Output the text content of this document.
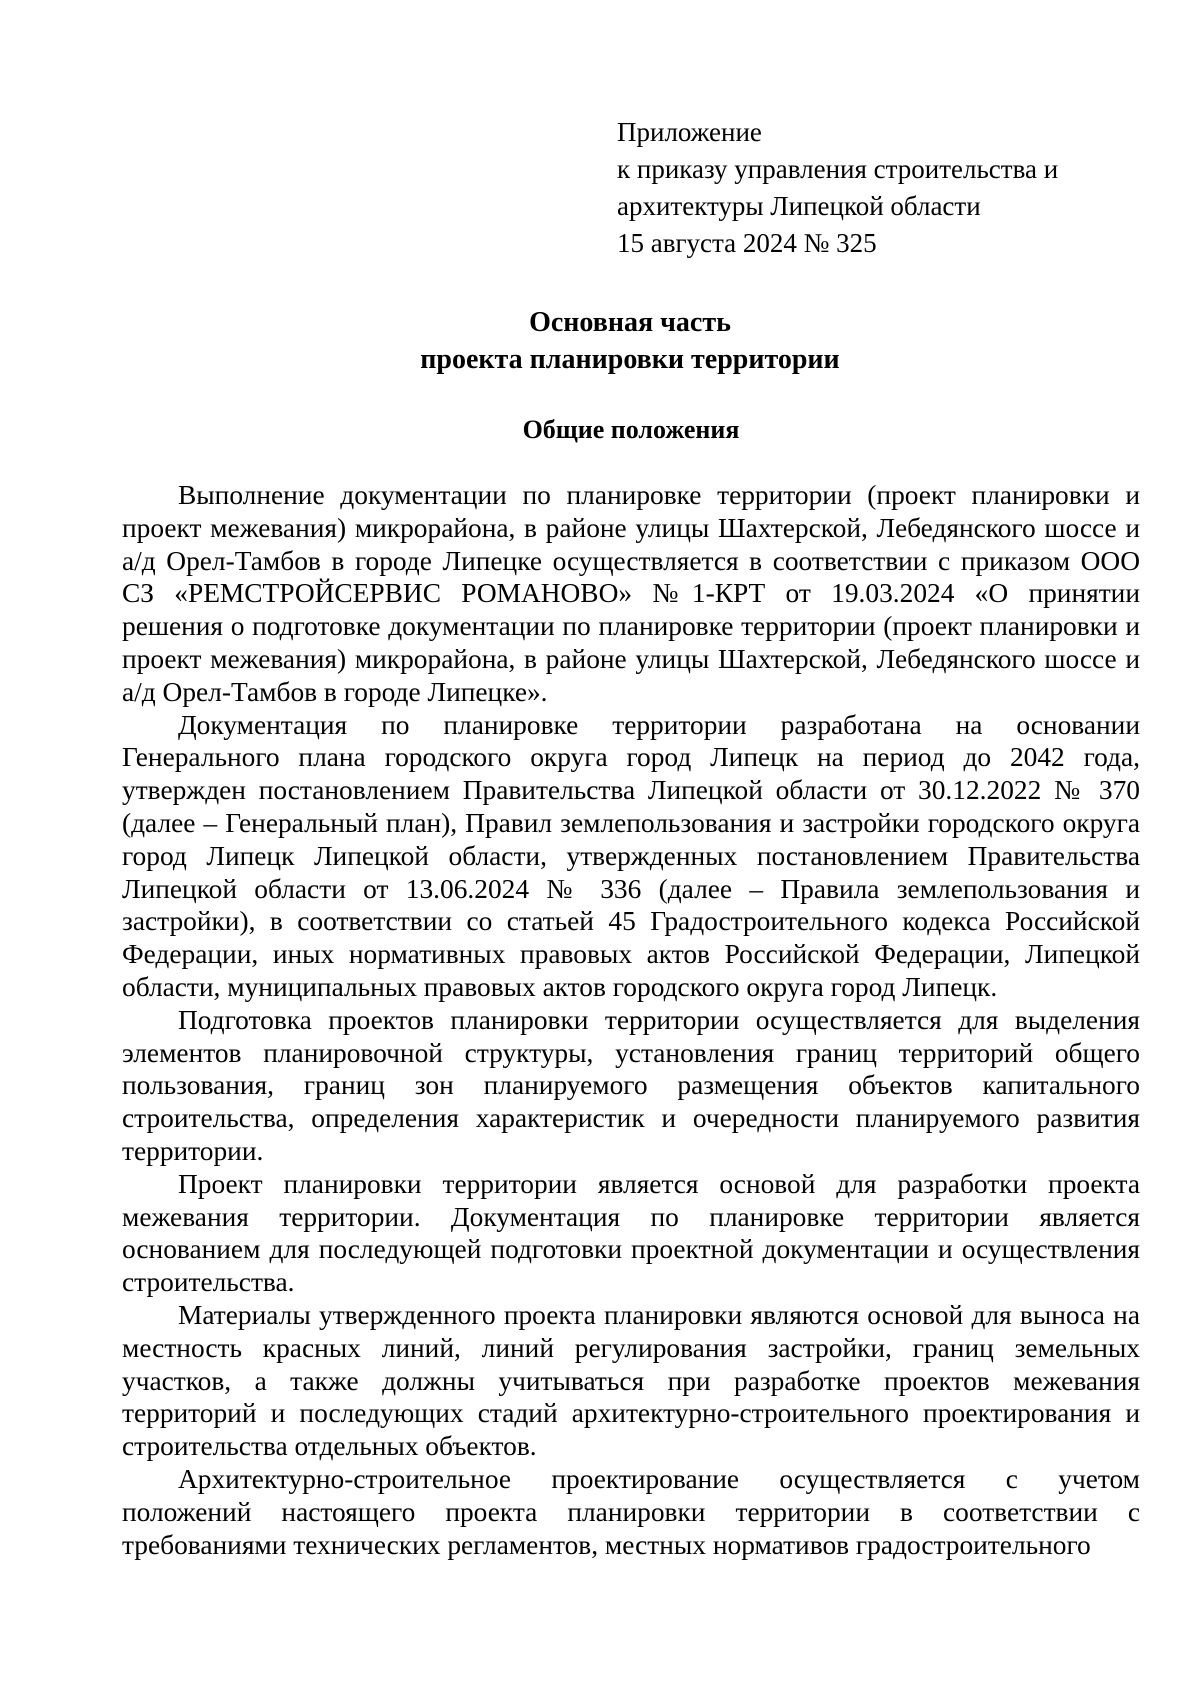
Приложение
к приказу управления строительства и
архитектуры Липецкой области
15 августа 2024 № 325
Основная часть
проекта планировки территории
Общие положения

Выполнение документации по планировке территории (проект планировки и проект межевания) микрорайона, в районе улицы Шахтерской, Лебедянского шоссе и а/д Орел-Тамбов в городе Липецке осуществляется в соответствии с приказом ООО СЗ «РЕМСТРОЙСЕРВИС РОМАНОВО» №1-КРТ от 19.03.2024 «О принятии решения о подготовке документации по планировке территории (проект планировки и проект межевания) микрорайона, в районе улицы Шахтерской, Лебедянского шоссе и а/д Орел-Тамбов в городе Липецке».

Документация по планировке территории разработана на основании Генерального плана городского округа город Липецк на период до 2042 года, утвержден постановлением Правительства Липецкой области от 30.12.2022 № 370 (далее – Генеральный план), Правил землепользования и застройки городского округа город Липецк Липецкой области, утвержденных постановлением Правительства Липецкой области от 13.06.2024 № 336 (далее – Правила землепользования и застройки), в соответствии со статьей 45 Градостроительного кодекса Российской Федерации, иных нормативных правовых актов Российской Федерации, Липецкой области, муниципальных правовых актов городского округа город Липецк.

Подготовка проектов планировки территории осуществляется для выделения элементов планировочной структуры, установления границ территорий общего пользования, границ зон планируемого размещения объектов капитального строительства, определения характеристик и очередности планируемого развития территории.

Проект планировки территории является основой для разработки проекта межевания территории. Документация по планировке территории является основанием для последующей подготовки проектной документации и осуществления строительства.

Материалы утвержденного проекта планировки являются основой для выноса на местность красных линий, линий регулирования застройки, границ земельных участков, а также должны учитываться при разработке проектов межевания территорий и последующих стадий архитектурно-строительного проектирования и строительства отдельных объектов.

Архитектурно-строительное проектирование осуществляется с учетом положений настоящего проекта планировки территории в соответствии с требованиями технических регламентов, местных нормативов градостроительного
